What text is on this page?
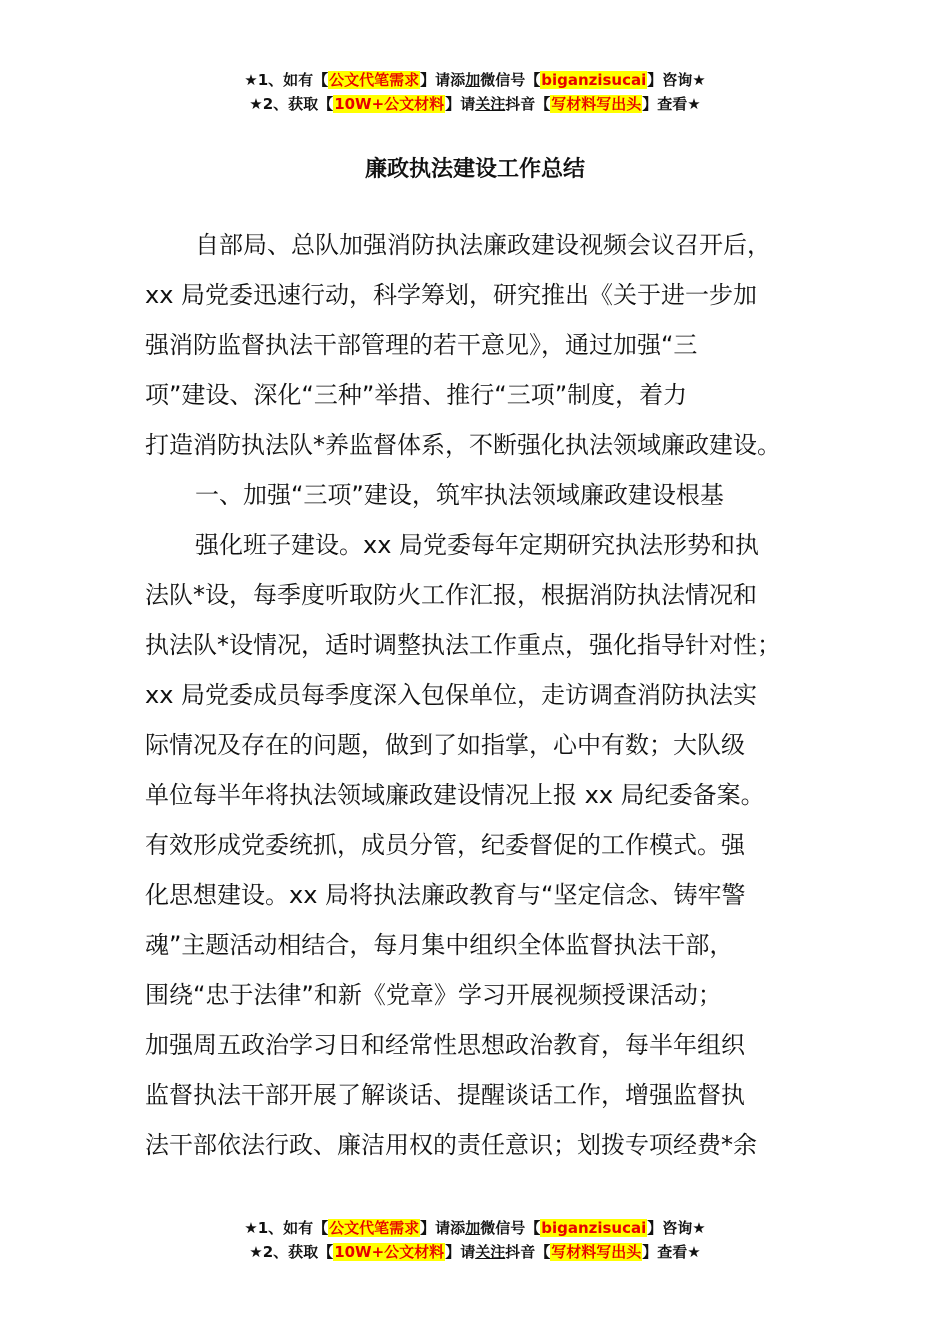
★1、如有【公文代笔需求】请添加微信号【biganzisucai】咨询★
★2、获取【10W+公文材料】请关注抖音【写材料写出头】查看★
廉政执法建设工作总结
自部局、总队加强消防执法廉政建设视频会议召开后，
xx 局党委迅速行动，科学筹划，研究推出《关于进一步加
强消防监督执法干部管理的若干意见》，通过加强“三
项”建设、深化“三种”举措、推行“三项”制度，着力
打造消防执法队*养监督体系，不断强化执法领域廉政建设。
一、加强“三项”建设，筑牢执法领域廉政建设根基
强化班子建设。xx 局党委每年定期研究执法形势和执
法队*设，每季度听取防火工作汇报，根据消防执法情况和
执法队*设情况，适时调整执法工作重点，强化指导针对性；
xx 局党委成员每季度深入包保单位，走访调查消防执法实
际情况及存在的问题，做到了如指掌，心中有数；大队级
单位每半年将执法领域廉政建设情况上报 xx 局纪委备案。
有效形成党委统抓，成员分管，纪委督促的工作模式。强
化思想建设。xx 局将执法廉政教育与“坚定信念、铸牢警
魂”主题活动相结合，每月集中组织全体监督执法干部，
围绕“忠于法律”和新《党章》学习开展视频授课活动；
加强周五政治学习日和经常性思想政治教育，每半年组织
监督执法干部开展了解谈话、提醒谈话工作，增强监督执
法干部依法行政、廉洁用权的责任意识；划拨专项经费*余
★1、如有【公文代笔需求】请添加微信号【biganzisucai】咨询★
★2、获取【10W+公文材料】请关注抖音【写材料写出头】查看★
